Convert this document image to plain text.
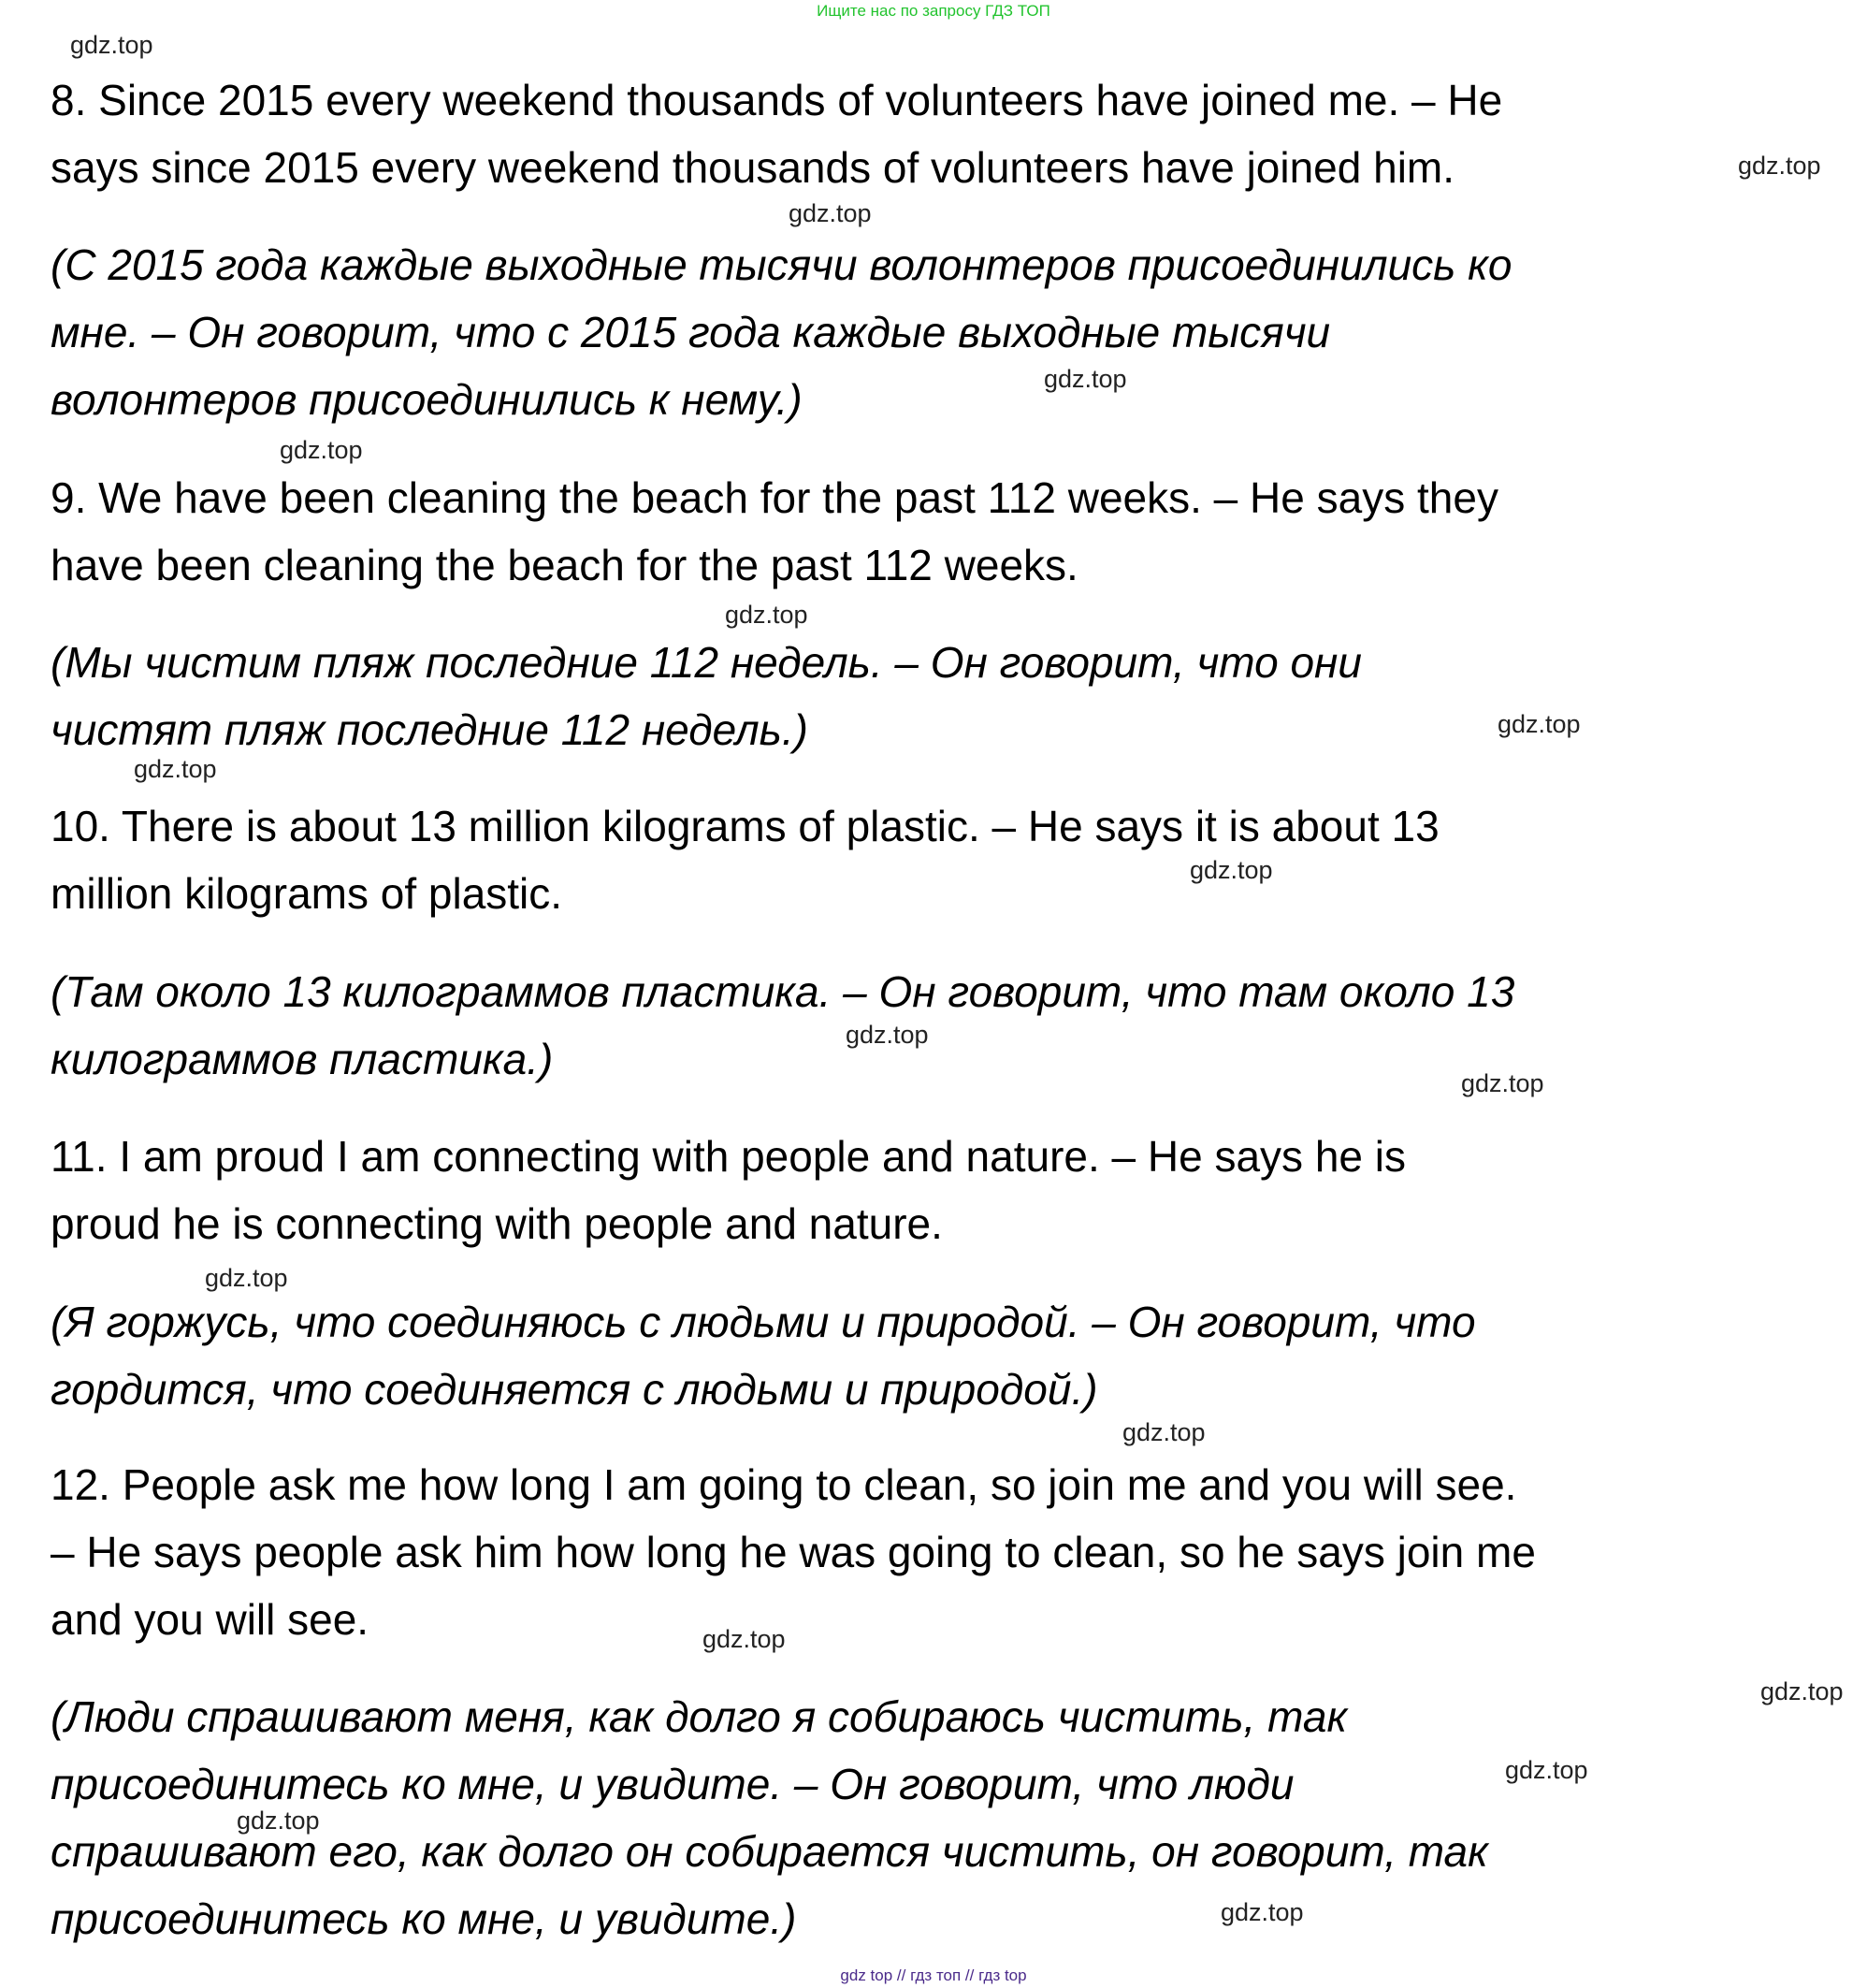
Ищите нас по запросу ГДЗ ТОП
8. Since 2015 every weekend thousands of volunteers have joined me. – He
says since 2015 every weekend thousands of volunteers have joined him.
(С 2015 года каждые выходные тысячи волонтеров присоединились ко
мне. – Он говорит, что с 2015 года каждые выходные тысячи
волонтеров присоединились к нему.)
9. We have been cleaning the beach for the past 112 weeks. – He says they
have been cleaning the beach for the past 112 weeks.
(Мы чистим пляж последние 112 недель. – Он говорит, что они
чистят пляж последние 112 недель.)
10. There is about 13 million kilograms of plastic. – He says it is about 13
million kilograms of plastic.
(Там около 13 килограммов пластика. – Он говорит, что там около 13
килограммов пластика.)
11. I am proud I am connecting with people and nature. – He says he is
proud he is connecting with people and nature.
(Я горжусь, что соединяюсь с людьми и природой. – Он говорит, что
гордится, что соединяется с людьми и природой.)
12. People ask me how long I am going to clean, so join me and you will see.
– He says people ask him how long he was going to clean, so he says join me
and you will see.
(Люди спрашивают меня, как долго я собираюсь чистить, так
присоединитесь ко мне, и увидите. – Он говорит, что люди
спрашивают его, как долго он собирается чистить, он говорит, так
присоединитесь ко мне, и увидите.)
gdz top // гдз топ // гдз top
gdz.top
gdz.top
gdz.top
gdz.top
gdz.top
gdz.top
gdz.top
gdz.top
gdz.top
gdz.top
gdz.top
gdz.top
gdz.top
gdz.top
gdz.top
gdz.top
gdz.top
gdz.top
